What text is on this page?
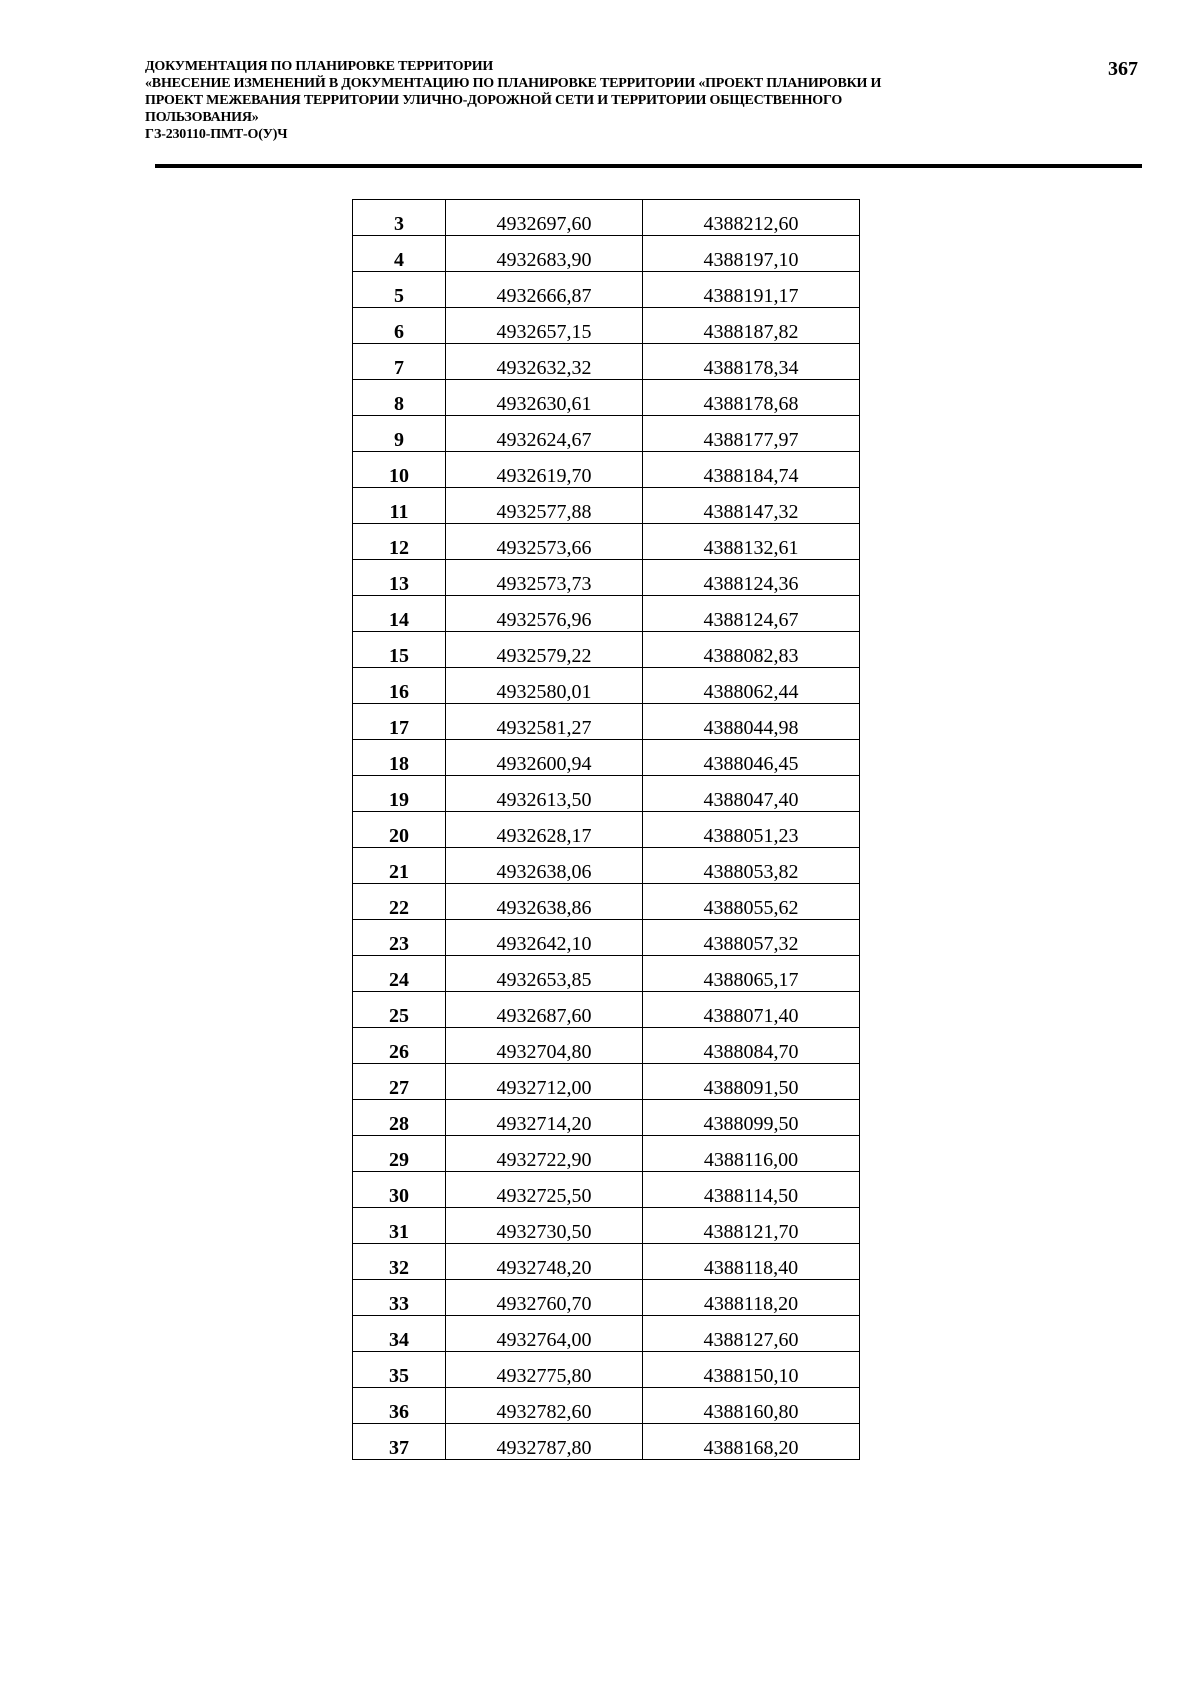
ДОКУМЕНТАЦИЯ ПО ПЛАНИРОВКЕ ТЕРРИТОРИИ
«ВНЕСЕНИЕ ИЗМЕНЕНИЙ В ДОКУМЕНТАЦИЮ ПО ПЛАНИРОВКЕ ТЕРРИТОРИИ «ПРОЕКТ ПЛАНИРОВКИ И
ПРОЕКТ МЕЖЕВАНИЯ ТЕРРИТОРИИ УЛИЧНО-ДОРОЖНОЙ СЕТИ И ТЕРРИТОРИИ ОБЩЕСТВЕННОГО
ПОЛЬЗОВАНИЯ»
ГЗ-230110-ПМТ-О(У)Ч
367
3	4932697,60	4388212,60
4	4932683,90	4388197,10
5	4932666,87	4388191,17
6	4932657,15	4388187,82
7	4932632,32	4388178,34
8	4932630,61	4388178,68
9	4932624,67	4388177,97
10	4932619,70	4388184,74
11	4932577,88	4388147,32
12	4932573,66	4388132,61
13	4932573,73	4388124,36
14	4932576,96	4388124,67
15	4932579,22	4388082,83
16	4932580,01	4388062,44
17	4932581,27	4388044,98
18	4932600,94	4388046,45
19	4932613,50	4388047,40
20	4932628,17	4388051,23
21	4932638,06	4388053,82
22	4932638,86	4388055,62
23	4932642,10	4388057,32
24	4932653,85	4388065,17
25	4932687,60	4388071,40
26	4932704,80	4388084,70
27	4932712,00	4388091,50
28	4932714,20	4388099,50
29	4932722,90	4388116,00
30	4932725,50	4388114,50
31	4932730,50	4388121,70
32	4932748,20	4388118,40
33	4932760,70	4388118,20
34	4932764,00	4388127,60
35	4932775,80	4388150,10
36	4932782,60	4388160,80
37	4932787,80	4388168,20
